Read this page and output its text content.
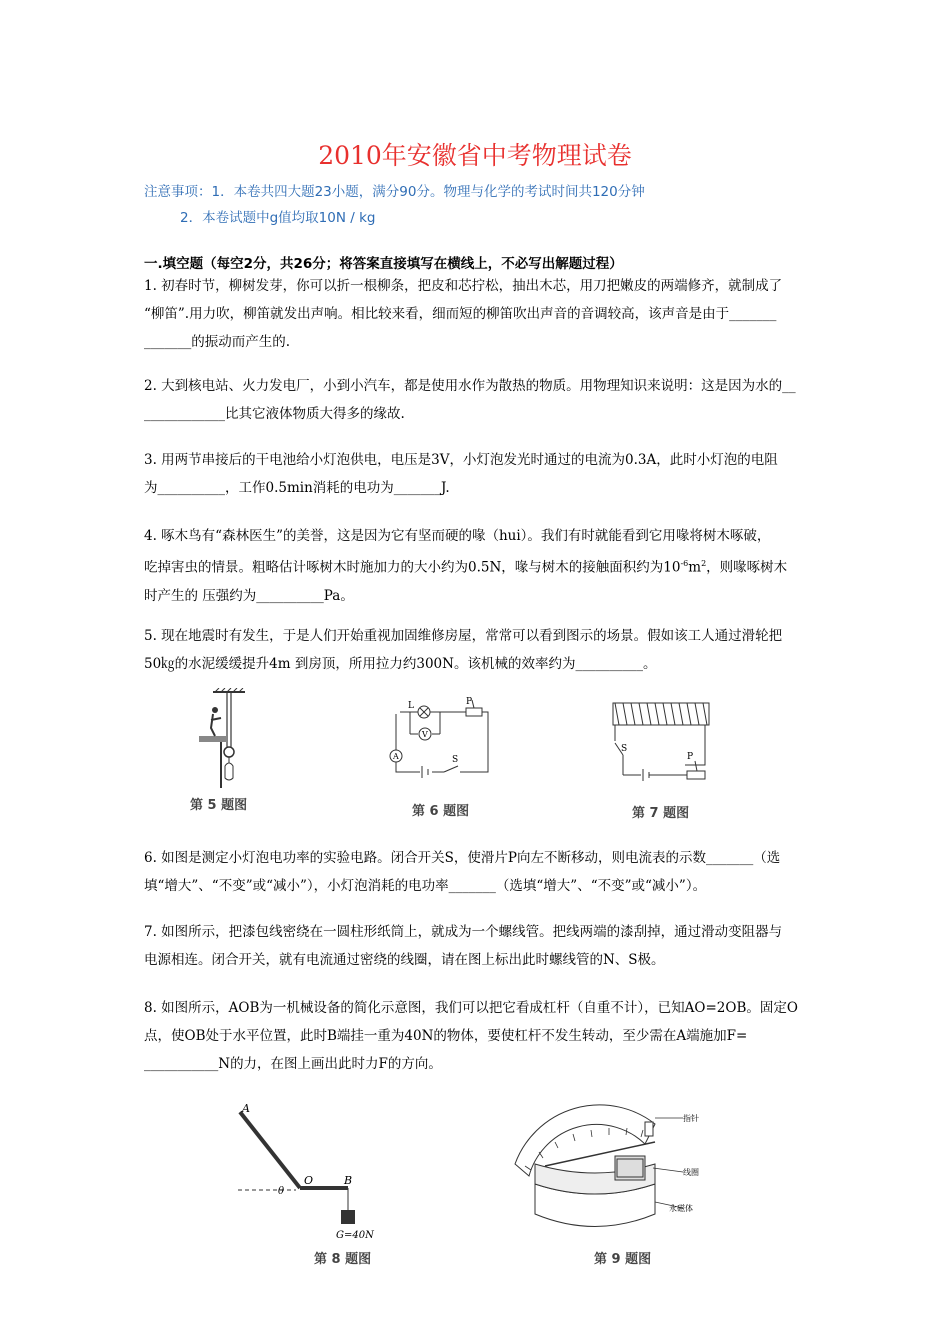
2010年安徽省中考物理试卷
注意事项：1．本卷共四大题23小题，满分90分。物理与化学的考试时间共120分钟
2．本卷试题中g值均取10N / kg
一.填空题（每空2分，共26分；将答案直接填写在横线上，不必写出解题过程）
1. 初春时节，柳树发芽，你可以折一根柳条，把皮和芯拧松，抽出木芯，用刀把嫩皮的两端修齐，就制成了
“柳笛”.用力吹，柳笛就发出声响。相比较来看，细而短的柳笛吹出声音的音调较高，该声音是由于_______
_______的振动而产生的.
2. 大到核电站、火力发电厂，小到小汽车，都是使用水作为散热的物质。用物理知识来说明：这是因为水的__
____________比其它液体物质大得多的缘故.
3. 用两节串接后的干电池给小灯泡供电，电压是3V，小灯泡发光时通过的电流为0.3A，此时小灯泡的电阻
为__________，工作0.5min消耗的电功为_______J.
4. 啄木鸟有“森林医生”的美誉，这是因为它有坚而硬的喙（hui）。我们有时就能看到它用喙将树木啄破，
吃掉害虫的情景。粗略估计啄树木时施加力的大小约为0.5N，喙与树木的接触面积约为$10^{-6}m^2$，则喙啄树木
时产生的 压强约为__________Pa。
5. 现在地震时有发生，于是人们开始重视加固维修房屋，常常可以看到图示的场景。假如该工人通过滑轮把
50㎏的水泥缓缓提升4m 到房顶，所用拉力约300N。该机械的效率约为__________。
第 5 题图
L	P
V
A	S
第 6 题图
S
P
第 7 题图
6. 如图是测定小灯泡电功率的实验电路。闭合开关S，使滑片P向左不断移动，则电流表的示数_______（选
填“增大”、“不变”或“减小”），小灯泡消耗的电功率_______（选填“增大”、“不变”或“减小”）。
7. 如图所示，把漆包线密绕在一圆柱形纸筒上，就成为一个螺线管。把线两端的漆刮掉，通过滑动变阻器与
电源相连。闭合开关，就有电流通过密绕的线圈，请在图上标出此时螺线管的N、S极。
8. 如图所示，AOB为一机械设备的简化示意图，我们可以把它看成杠杆（自重不计），已知AO=2OB。固定O
点，使OB处于水平位置，此时B端挂一重为40N的物体，要使杠杆不发生转动，至少需在A端施加F=
___________N的力，在图上画出此时力F的方向。
A
O	B
θ
G=40N
第 8 题图
指针
线圈
永磁体
第 9 题图
